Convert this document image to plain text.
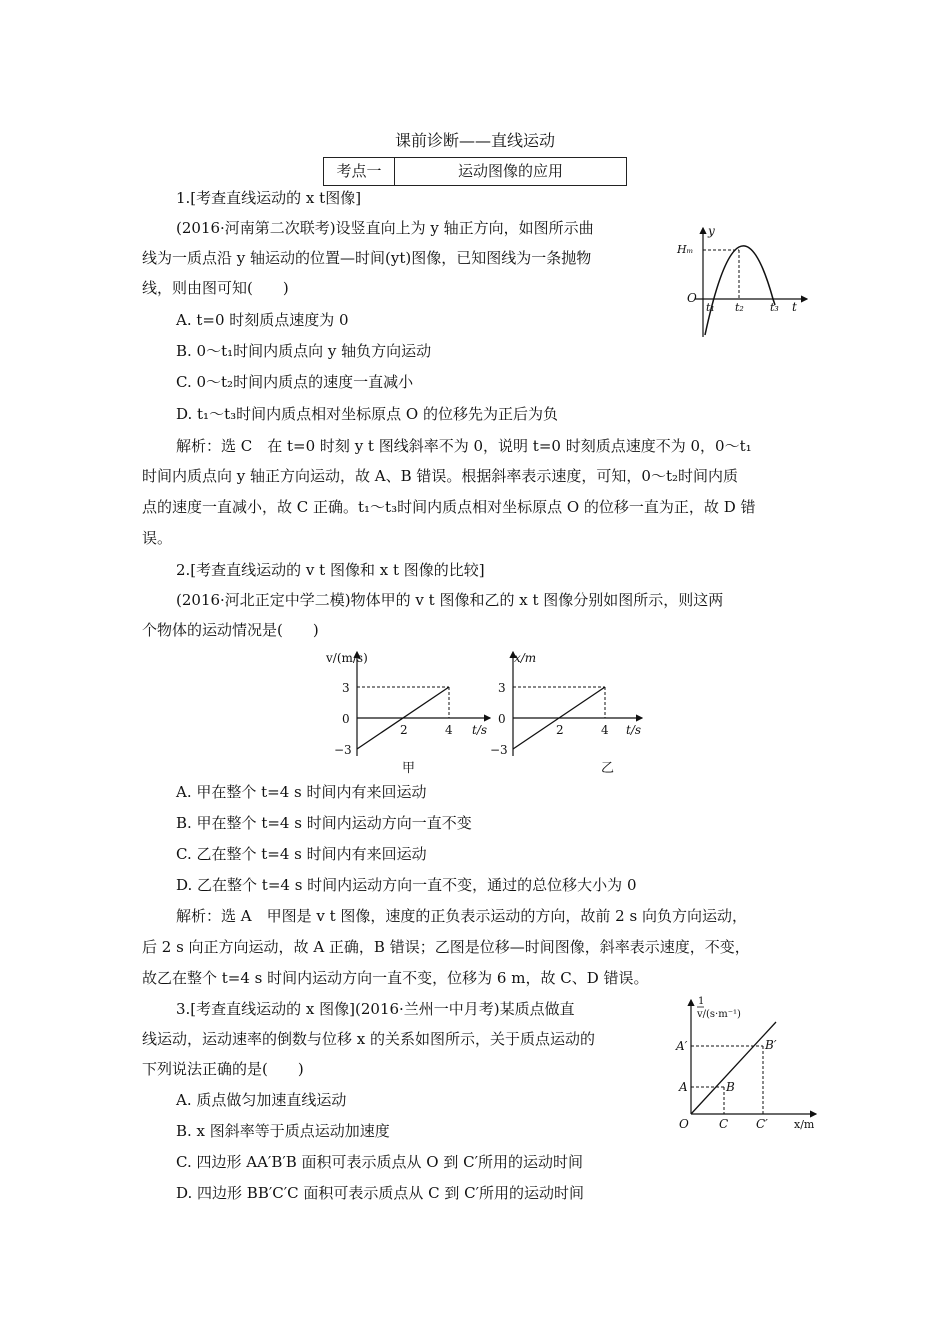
课前诊断——直线运动
考点一	运动图像的应用
1.[考查直线运动的 x t图像]
(2016·河南第二次联考)设竖直向上为 y 轴正方向，如图所示曲
线为一质点沿 y 轴运动的位置—时间(yt)图像，已知图线为一条抛物
线，则由图可知(　　)
A. t=0 时刻质点速度为 0
B. 0～t₁时间内质点向 y 轴负方向运动
C. 0～t₂时间内质点的速度一直减小
D. t₁～t₃时间内质点相对坐标原点 O 的位移先为正后为负
解析：选 C　在 t=0 时刻 y t 图线斜率不为 0，说明 t=0 时刻质点速度不为 0，0～t₁
时间内质点向 y 轴正方向运动，故 A、B 错误。根据斜率表示速度，可知，0～t₂时间内质
点的速度一直减小，故 C 正确。t₁～t₃时间内质点相对坐标原点 O 的位移一直为正，故 D 错
误。
y
Hₘ
O
t₁ t₂ t₃ t
2.[考查直线运动的 v t 图像和 x t 图像的比较]
(2016·河北正定中学二模)物体甲的 v t 图像和乙的 x t 图像分别如图所示，则这两
个物体的运动情况是(　　)
v/(m/s)
3
0
−3
2	4 t/s
甲
x/m
3
0
−3
2	4 t/s
乙
A. 甲在整个 t=4 s 时间内有来回运动
B. 甲在整个 t=4 s 时间内运动方向一直不变
C. 乙在整个 t=4 s 时间内有来回运动
D. 乙在整个 t=4 s 时间内运动方向一直不变，通过的总位移大小为 0
解析：选 A　甲图是 v t 图像，速度的正负表示运动的方向，故前 2 s 向负方向运动，
后 2 s 向正方向运动，故 A 正确，B 错误；乙图是位移—时间图像，斜率表示速度，不变，
故乙在整个 t=4 s 时间内运动方向一直不变，位移为 6 m，故 C、D 错误。
3.[考查直线运动的 x 图像](2016·兰州一中月考)某质点做直
线运动，运动速率的倒数与位移 x 的关系如图所示，关于质点运动的
下列说法正确的是(　　)
A. 质点做匀加速直线运动
B. x 图斜率等于质点运动加速度
C. 四边形 AA′B′B 面积可表示质点从 O 到 C′所用的运动时间
D. 四边形 BB′C′C 面积可表示质点从 C 到 C′所用的运动时间
1
v/(s·m⁻¹)
A′
A	B
B′
O	C C′ x/m
